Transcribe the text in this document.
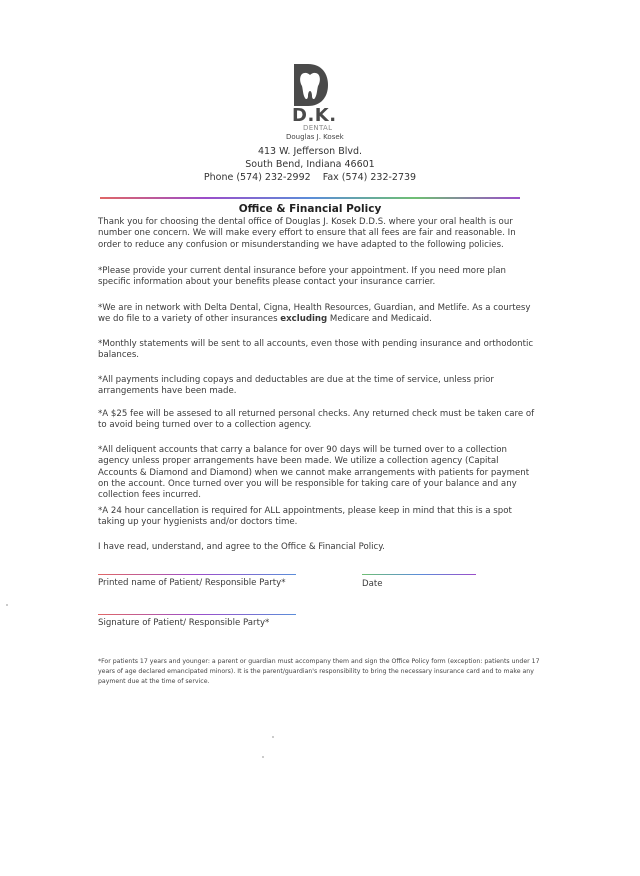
D.K.
DENTAL
Douglas J. Kosek
413 W. Jefferson Blvd.
South Bend, Indiana 46601
Phone (574) 232-2992    Fax (574) 232-2739
Office & Financial Policy
Thank you for choosing the dental office of Douglas J. Kosek D.D.S. where your oral health is our number one concern. We will make every effort to ensure that all fees are fair and reasonable. In order to reduce any confusion or misunderstanding we have adapted to the following policies.
*Please provide your current dental insurance before your appointment. If you need more plan specific information about your benefits please contact your insurance carrier.
*We are in network with Delta Dental, Cigna, Health Resources, Guardian, and Metlife. As a courtesy we do file to a variety of other insurances excluding Medicare and Medicaid.
*Monthly statements will be sent to all accounts, even those with pending insurance and orthodontic balances.
*All payments including copays and deductables are due at the time of service, unless prior arrangements have been made.
*A $25 fee will be assesed to all returned personal checks. Any returned check must be taken care of to avoid being turned over to a collection agency.
*All deliquent accounts that carry a balance for over 90 days will be turned over to a collection agency unless proper arrangements have been made. We utilize a collection agency (Capital Accounts & Diamond and Diamond) when we cannot make arrangements with patients for payment on the account. Once turned over you will be responsible for taking care of your balance and any collection fees incurred.
*A 24 hour cancellation is required for ALL appointments, please keep in mind that this is a spot taking up your hygienists and/or doctors time.
I have read, understand, and agree to the Office & Financial Policy.
Printed name of Patient/ Responsible Party*	Date
Signature of Patient/ Responsible Party*
*For patients 17 years and younger: a parent or guardian must accompany them and sign the Office Policy form (exception: patients under 17 years of age declared emancipated minors). It is the parent/guardian's responsibility to bring the necessary insurance card and to make any payment due at the time of service.
